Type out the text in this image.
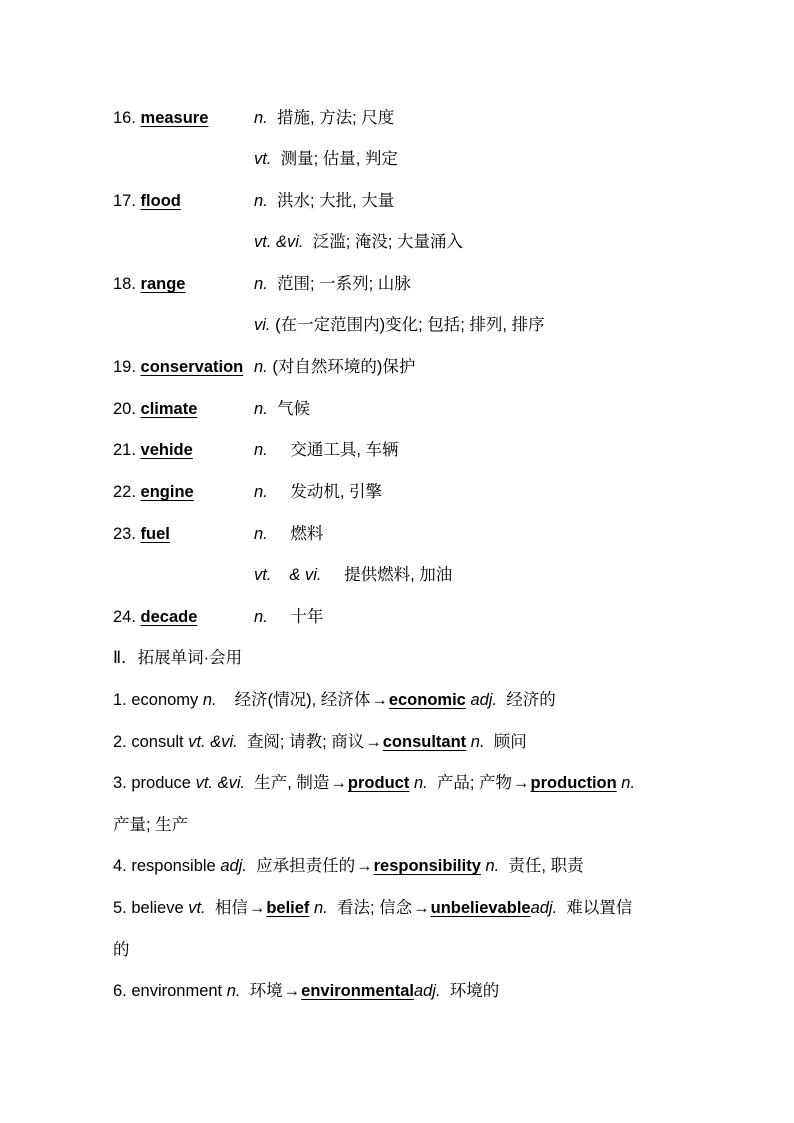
16. measure	n. 措施, 方法; 尺度
vt. 测量; 估量, 判定
17. flood	n. 洪水; 大批, 大量
vt. &vi. 泛滥; 淹没; 大量涌入
18. range	n. 范围; 一系列; 山脉
vi. (在一定范围内)变化; 包括; 排列, 排序
19. conservation n. (对自然环境的)保护
20. climate	n. 气候
21. vehide	n. 交通工具, 车辆
22. engine	n. 发动机, 引擎
23. fuel	n. 燃料
vt. & vi. 提供燃料, 加油
24. decade	n. 十年
Ⅱ．拓展单词·会用
1. economy n. 经济(情况), 经济体→economic adj. 经济的
2. consult vt. &vi. 查阅; 请教; 商议→consultant n. 顾问
3. produce vt. &vi. 生产, 制造→product n. 产品; 产物→production n.
产量; 生产
4. responsible adj. 应承担责任的→responsibility n. 责任, 职责
5. believe vt. 相信→belief n. 看法; 信念→unbelievableadj. 难以置信
的
6. environment n. 环境→environmentaladj. 环境的
